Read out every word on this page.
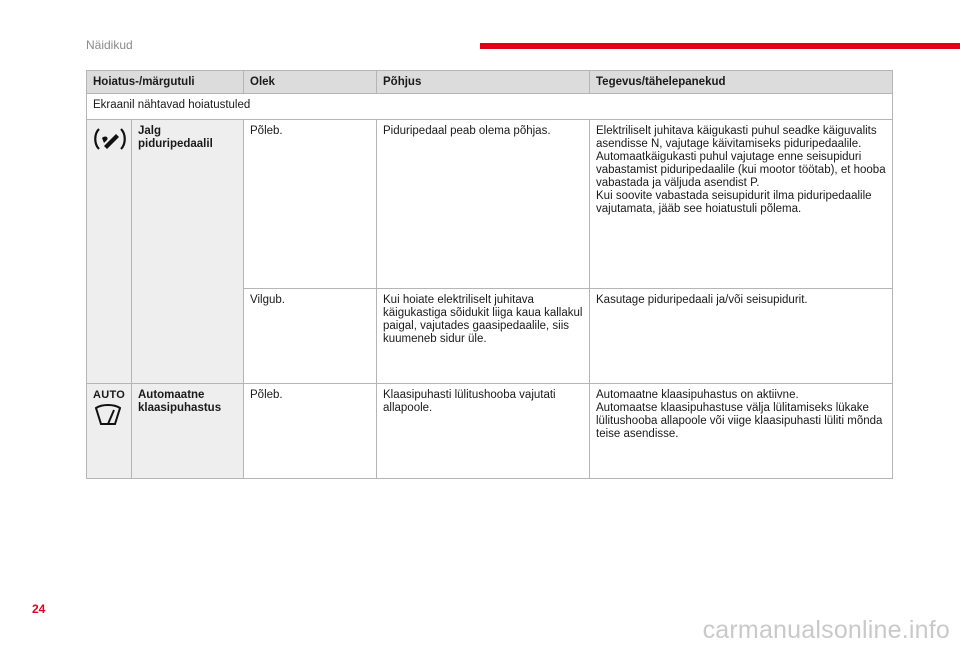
Näidikud
Hoiatus-/märgutuli		Olek	Põhjus	Tegevus/tähelepanekud
Ekraanil nähtavad hoiatustuled				
	Jalg piduripedaalil	Põleb.	Piduripedaal peab olema põhjas.	Elektriliselt juhitava käigukasti puhul seadke käiguvalits asendisse N, vajutage käivitamiseks piduripedaalile.
Automaatkäigukasti puhul vajutage enne seisupiduri vabastamist piduripedaalile (kui mootor töötab), et hooba vabastada ja väljuda asendist P.
Kui soovite vabastada seisupidurit ilma piduripedaalile vajutamata, jääb see hoiatustuli põlema.

		Vilgub.	Kui hoiate elektriliselt juhitava käigukastiga sõidukit liiga kaua kallakul paigal, vajutades gaasipedaalile, siis kuumeneb sidur üle.	Kasutage piduripedaali ja/või seisupidurit.

AUTO	Automaatne klaasipuhastus	Põleb.	Klaasipuhasti lülitushooba vajutati allapoole.	Automaatne klaasipuhastus on aktiivne.
Automaatse klaasipuhastuse välja lülitamiseks lükake lülitushooba allapoole või viige klaasipuhasti lüliti mõnda teise asendisse.
24
carmanualsonline.info
